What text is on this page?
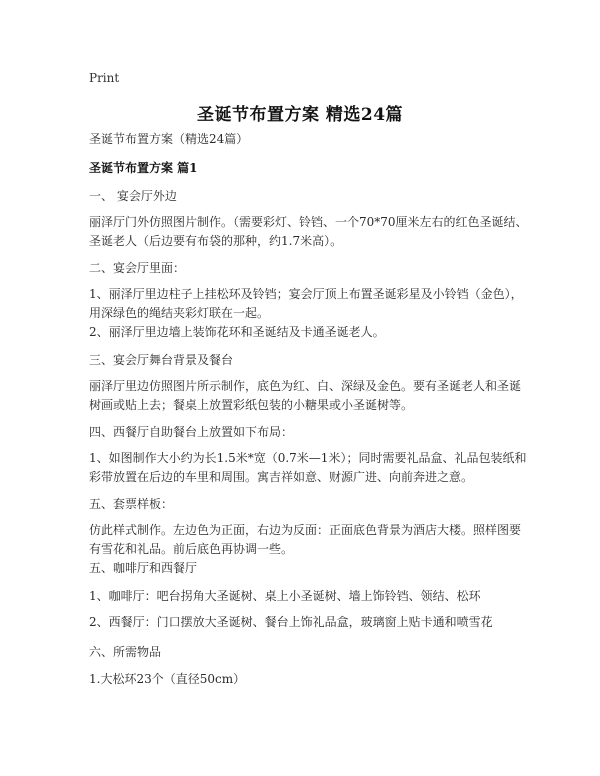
Print
圣诞节布置方案 精选24篇
圣诞节布置方案（精选24篇）
圣诞节布置方案 篇1
一、 宴会厅外边
丽泽厅门外仿照图片制作。（需要彩灯、铃铛、一个70*70厘米左右的红色圣诞结、圣诞老人（后边要有布袋的那种，约1.7米高）。
二、宴会厅里面：
1、丽泽厅里边柱子上挂松环及铃铛；宴会厅顶上布置圣诞彩星及小铃铛（金色），用深绿色的绳结夹彩灯联在一起。
2、丽泽厅里边墙上装饰花环和圣诞结及卡通圣诞老人。
三、宴会厅舞台背景及餐台
丽泽厅里边仿照图片所示制作，底色为红、白、深绿及金色。要有圣诞老人和圣诞树画或贴上去；餐桌上放置彩纸包装的小糖果或小圣诞树等。
四、西餐厅自助餐台上放置如下布局：
1、如图制作大小约为长1.5米*宽（0.7米—1米）；同时需要礼品盒、礼品包装纸和彩带放置在后边的车里和周围。寓吉祥如意、财源广进、向前奔进之意。
五、套票样板：
仿此样式制作。左边色为正面，右边为反面：正面底色背景为酒店大楼。照样图要有雪花和礼品。前后底色再协调一些。
五、咖啡厅和西餐厅
1、咖啡厅：吧台拐角大圣诞树、桌上小圣诞树、墙上饰铃铛、领结、松环
2、西餐厅：门口摆放大圣诞树、餐台上饰礼品盒，玻璃窗上贴卡通和喷雪花
六、所需物品
1.大松环23个（直径50cm）
